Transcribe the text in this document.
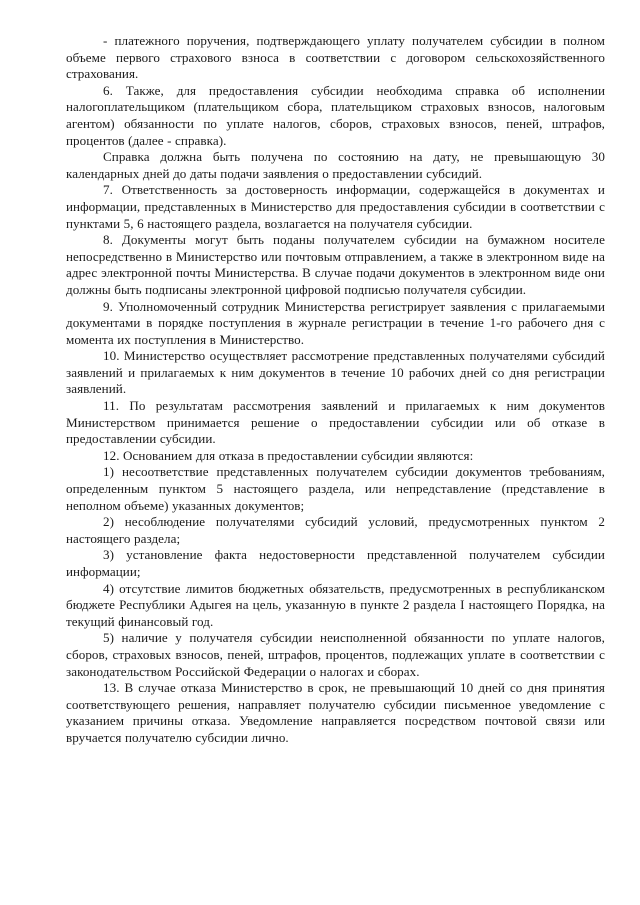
- платежного поручения, подтверждающего уплату получателем субсидии в полном объеме первого страхового взноса в соответствии с договором сельскохозяйственного страхования.

6. Также, для предоставления субсидии необходима справка об исполнении налогоплательщиком (плательщиком сбора, плательщиком страховых взносов, налоговым агентом) обязанности по уплате налогов, сборов, страховых взносов, пеней, штрафов, процентов (далее - справка).

Справка должна быть получена по состоянию на дату, не превышающую 30 календарных дней до даты подачи заявления о предоставлении субсидий.

7. Ответственность за достоверность информации, содержащейся в документах и информации, представленных в Министерство для предоставления субсидии в соответствии с пунктами 5, 6 настоящего раздела, возлагается на получателя субсидии.

8. Документы могут быть поданы получателем субсидии на бумажном носителе непосредственно в Министерство или почтовым отправлением, а также в электронном виде на адрес электронной почты Министерства. В случае подачи документов в электронном виде они должны быть подписаны электронной цифровой подписью получателя субсидии.

9. Уполномоченный сотрудник Министерства регистрирует заявления с прилагаемыми документами в порядке поступления в журнале регистрации в течение 1-го рабочего дня с момента их поступления в Министерство.

10. Министерство осуществляет рассмотрение представленных получателями субсидий заявлений и прилагаемых к ним документов в течение 10 рабочих дней со дня регистрации заявлений.

11. По результатам рассмотрения заявлений и прилагаемых к ним документов Министерством принимается решение о предоставлении субсидии или об отказе в предоставлении субсидии.

12. Основанием для отказа в предоставлении субсидии являются:

1) несоответствие представленных получателем субсидии документов требованиям, определенным пунктом 5 настоящего раздела, или непредставление (представление в неполном объеме) указанных документов;

2) несоблюдение получателями субсидий условий, предусмотренных пунктом 2 настоящего раздела;

3) установление факта недостоверности представленной получателем субсидии информации;

4) отсутствие лимитов бюджетных обязательств, предусмотренных в республиканском бюджете Республики Адыгея на цель, указанную в пункте 2 раздела I настоящего Порядка, на текущий финансовый год.

5) наличие у получателя субсидии неисполненной обязанности по уплате налогов, сборов, страховых взносов, пеней, штрафов, процентов, подлежащих уплате в соответствии с законодательством Российской Федерации о налогах и сборах.

13. В случае отказа Министерство в срок, не превышающий 10 дней со дня принятия соответствующего решения, направляет получателю субсидии письменное уведомление с указанием причины отказа. Уведомление направляется посредством почтовой связи или вручается получателю субсидии лично.
